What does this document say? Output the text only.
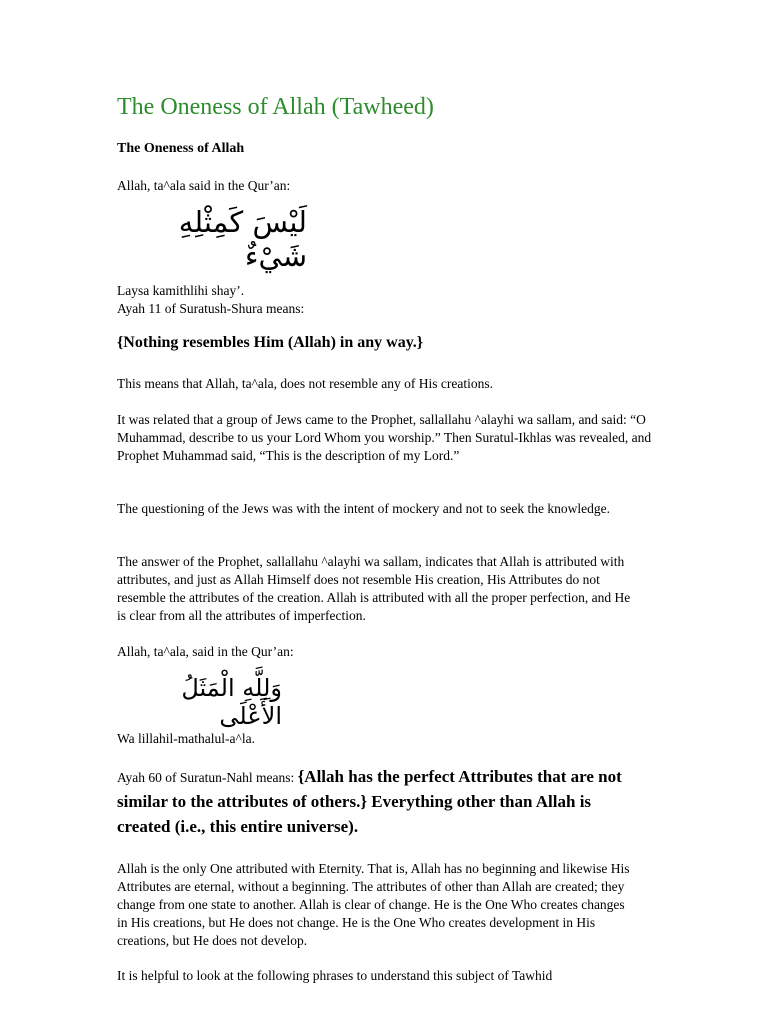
The Oneness of Allah (Tawheed)
The Oneness of Allah

Allah, ta^ala said in the Qur’an:

لَيْسَ كَمِثْلِهِ شَيْءٌ

Laysa kamithlihi shay’.
Ayah 11 of Suratush-Shura means:

{Nothing resembles Him (Allah) in any way.}

This means that Allah, ta^ala, does not resemble any of His creations.

It was related that a group of Jews came to the Prophet, sallallahu ^alayhi wa sallam, and said: “O Muhammad, describe to us your Lord Whom you worship.” Then Suratul-Ikhlas was revealed, and Prophet Muhammad said, “This is the description of my Lord.”

The questioning of the Jews was with the intent of mockery and not to seek the knowledge.

The answer of the Prophet, sallallahu ^alayhi wa sallam, indicates that Allah is attributed with attributes, and just as Allah Himself does not resemble His creation, His Attributes do not resemble the attributes of the creation. Allah is attributed with all the proper perfection, and He is clear from all the attributes of imperfection.

Allah, ta^ala, said in the Qur’an:

وَلِلَّهِ الْمَثَلُ الأَعْلَى

Wa lillahil-mathalul-a^la.

Ayah 60 of Suratun-Nahl means: {Allah has the perfect Attributes that are not similar to the attributes of others.} Everything other than Allah is created (i.e., this entire universe).

Allah is the only One attributed with Eternity. That is, Allah has no beginning and likewise His Attributes are eternal, without a beginning. The attributes of other than Allah are created; they change from one state to another. Allah is clear of change. He is the One Who creates changes in His creations, but He does not change. He is the One Who creates development in His creations, but He does not develop.

It is helpful to look at the following phrases to understand this subject of Tawhid
